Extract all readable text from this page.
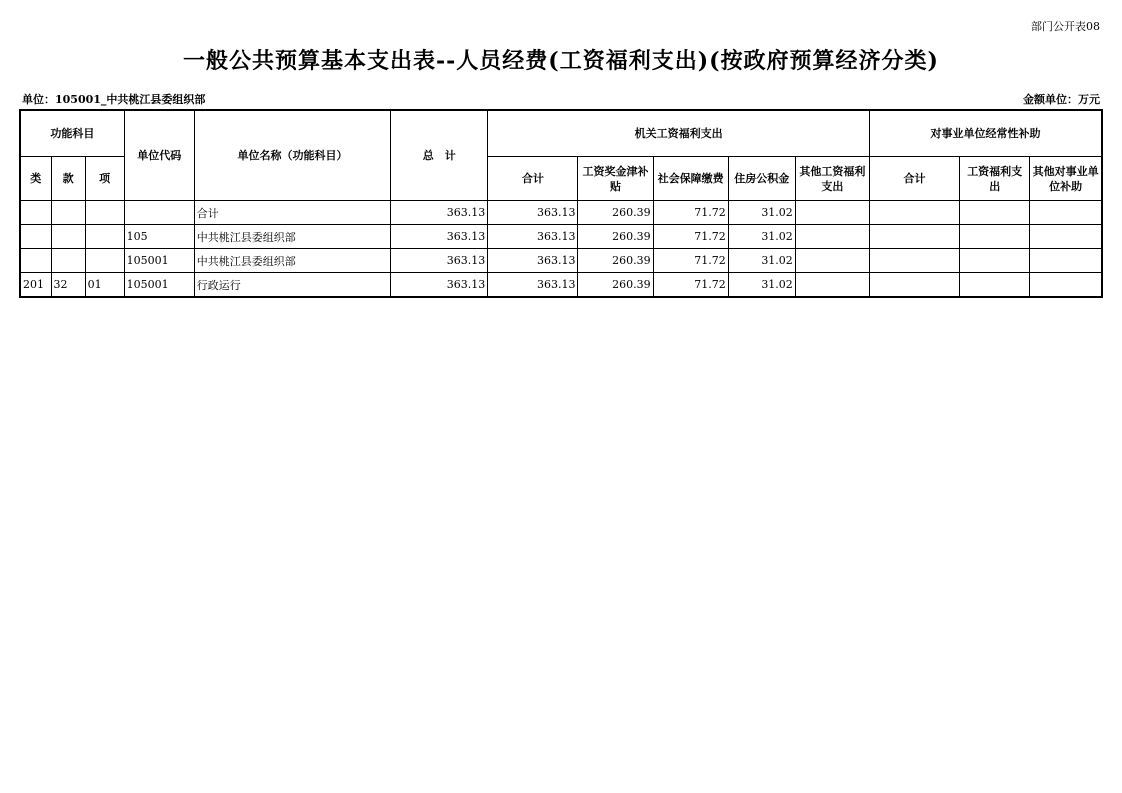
部门公开表08
一般公共预算基本支出表--人员经费(工资福利支出)(按政府预算经济分类)
单位：105001_中共桃江县委组织部	金额单位：万元
功能科目			单位代码	单位名称（功能科目）	总　计	机关工资福利支出					对事业单位经常性补助		
类	款	项				合计	工资奖金津补贴	社会保障缴费	住房公积金	其他工资福利支出	合计	工资福利支出	其他对事业单位补助
				合计	363.13	363.13	260.39	71.72	31.02				
			105	中共桃江县委组织部	363.13	363.13	260.39	71.72	31.02				
			105001	中共桃江县委组织部	363.13	363.13	260.39	71.72	31.02				
201	32	01	105001	行政运行	363.13	363.13	260.39	71.72	31.02				
